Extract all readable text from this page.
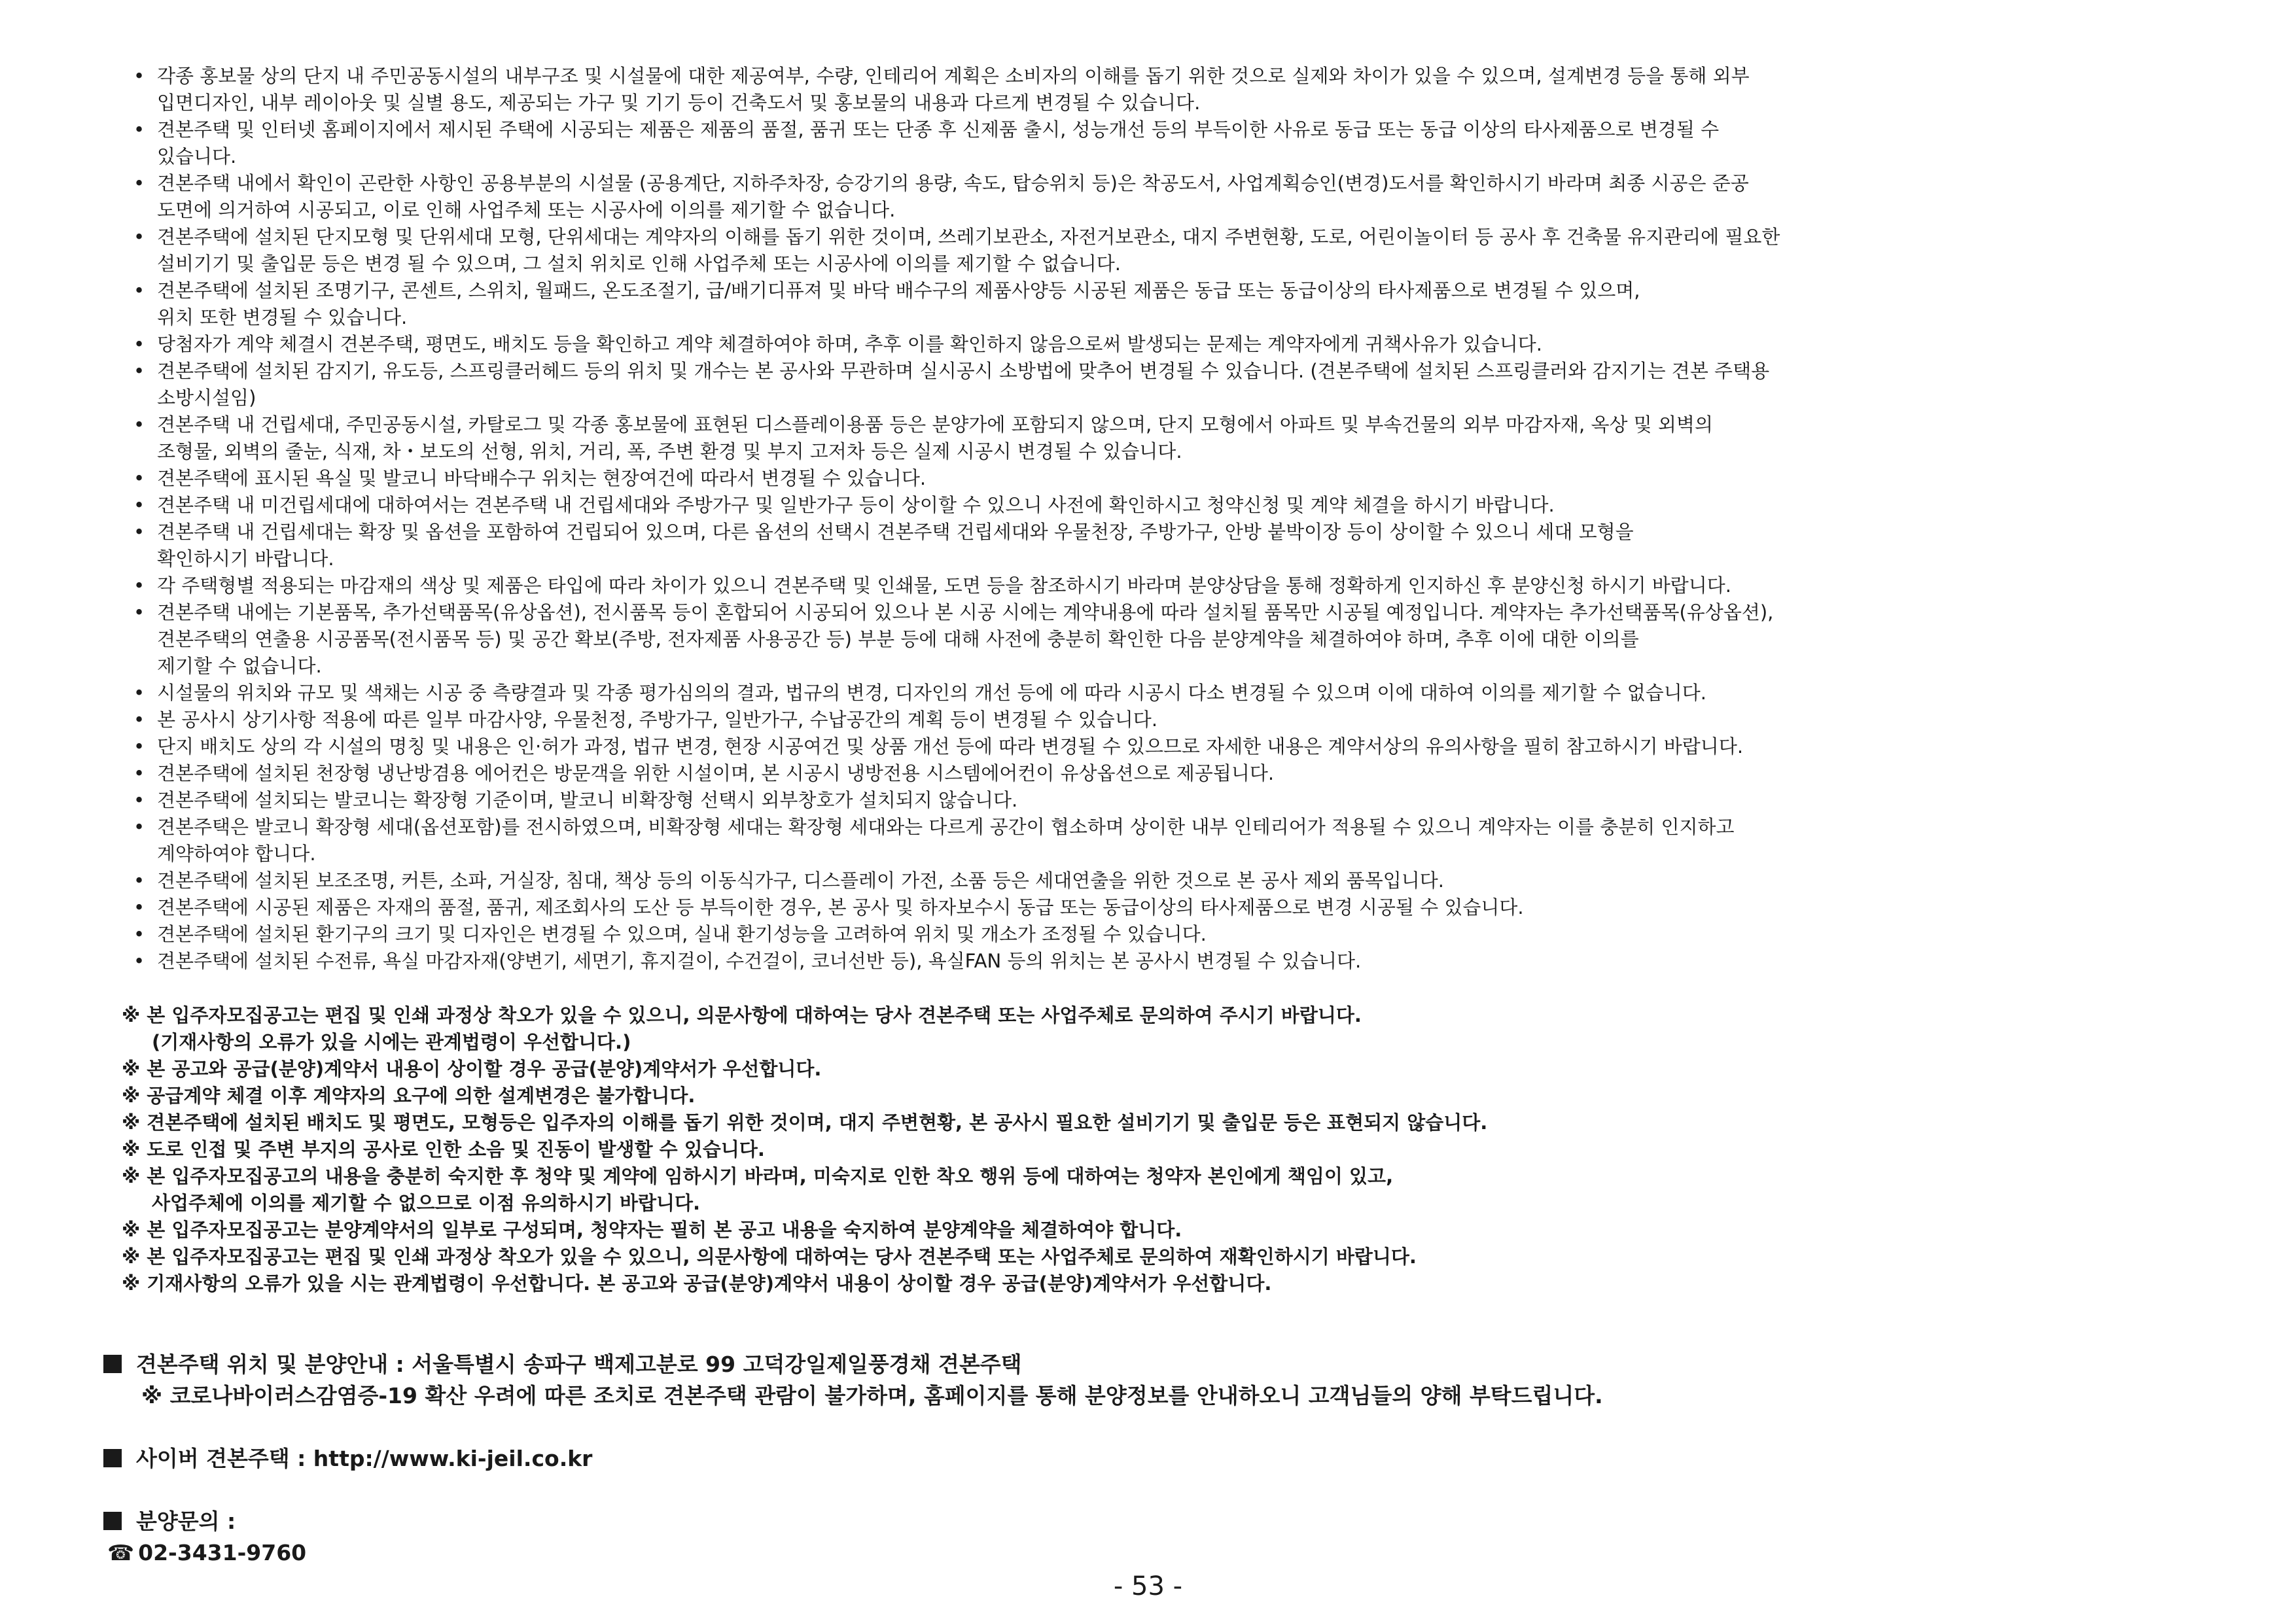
• 각종 홍보물 상의 단지 내 주민공동시설의 내부구조 및 시설물에 대한 제공여부, 수량, 인테리어 계획은 소비자의 이해를 돕기 위한 것으로 실제와 차이가 있을 수 있으며, 설계변경 등을 통해 외부
입면디자인, 내부 레이아웃 및 실별 용도, 제공되는 가구 및 기기 등이 건축도서 및 홍보물의 내용과 다르게 변경될 수 있습니다.
• 견본주택 및 인터넷 홈페이지에서 제시된 주택에 시공되는 제품은 제품의 품절, 품귀 또는 단종 후 신제품 출시, 성능개선 등의 부득이한 사유로 동급 또는 동급 이상의 타사제품으로 변경될 수
있습니다.
• 견본주택 내에서 확인이 곤란한 사항인 공용부분의 시설물 (공용계단, 지하주차장, 승강기의 용량, 속도, 탑승위치 등)은 착공도서, 사업계획승인(변경)도서를 확인하시기 바라며 최종 시공은 준공
도면에 의거하여 시공되고, 이로 인해 사업주체 또는 시공사에 이의를 제기할 수 없습니다.
• 견본주택에 설치된 단지모형 및 단위세대 모형, 단위세대는 계약자의 이해를 돕기 위한 것이며, 쓰레기보관소, 자전거보관소, 대지 주변현황, 도로, 어린이놀이터 등 공사 후 건축물 유지관리에 필요한
설비기기 및 출입문 등은 변경 될 수 있으며, 그 설치 위치로 인해 사업주체 또는 시공사에 이의를 제기할 수 없습니다.
• 견본주택에 설치된 조명기구, 콘센트, 스위치, 월패드, 온도조절기, 급/배기디퓨져 및 바닥 배수구의 제품사양등 시공된 제품은 동급 또는 동급이상의 타사제품으로 변경될 수 있으며,
위치 또한 변경될 수 있습니다.
• 당첨자가 계약 체결시 견본주택, 평면도, 배치도 등을 확인하고 계약 체결하여야 하며, 추후 이를 확인하지 않음으로써 발생되는 문제는 계약자에게 귀책사유가 있습니다.
• 견본주택에 설치된 감지기, 유도등, 스프링클러헤드 등의 위치 및 개수는 본 공사와 무관하며 실시공시 소방법에 맞추어 변경될 수 있습니다. (견본주택에 설치된 스프링클러와 감지기는 견본 주택용
소방시설임)
• 견본주택 내 건립세대, 주민공동시설, 카탈로그 및 각종 홍보물에 표현된 디스플레이용품 등은 분양가에 포함되지 않으며, 단지 모형에서 아파트 및 부속건물의 외부 마감자재, 옥상 및 외벽의
조형물, 외벽의 줄눈, 식재, 차・보도의 선형, 위치, 거리, 폭, 주변 환경 및 부지 고저차 등은 실제 시공시 변경될 수 있습니다.
• 견본주택에 표시된 욕실 및 발코니 바닥배수구 위치는 현장여건에 따라서 변경될 수 있습니다.
• 견본주택 내 미건립세대에 대하여서는 견본주택 내 건립세대와 주방가구 및 일반가구 등이 상이할 수 있으니 사전에 확인하시고 청약신청 및 계약 체결을 하시기 바랍니다.
• 견본주택 내 건립세대는 확장 및 옵션을 포함하여 건립되어 있으며, 다른 옵션의 선택시 견본주택 건립세대와 우물천장, 주방가구, 안방 붙박이장 등이 상이할 수 있으니 세대 모형을
확인하시기 바랍니다.
• 각 주택형별 적용되는 마감재의 색상 및 제품은 타입에 따라 차이가 있으니 견본주택 및 인쇄물, 도면 등을 참조하시기 바라며 분양상담을 통해 정확하게 인지하신 후 분양신청 하시기 바랍니다.
• 견본주택 내에는 기본품목, 추가선택품목(유상옵션), 전시품목 등이 혼합되어 시공되어 있으나 본 시공 시에는 계약내용에 따라 설치될 품목만 시공될 예정입니다. 계약자는 추가선택품목(유상옵션),
견본주택의 연출용 시공품목(전시품목 등) 및 공간 확보(주방, 전자제품 사용공간 등) 부분 등에 대해 사전에 충분히 확인한 다음 분양계약을 체결하여야 하며, 추후 이에 대한 이의를
제기할 수 없습니다.
• 시설물의 위치와 규모 및 색채는 시공 중 측량결과 및 각종 평가심의의 결과, 법규의 변경, 디자인의 개선 등에 에 따라 시공시 다소 변경될 수 있으며 이에 대하여 이의를 제기할 수 없습니다.
• 본 공사시 상기사항 적용에 따른 일부 마감사양, 우물천정, 주방가구, 일반가구, 수납공간의 계획 등이 변경될 수 있습니다.
• 단지 배치도 상의 각 시설의 명칭 및 내용은 인·허가 과정, 법규 변경, 현장 시공여건 및 상품 개선 등에 따라 변경될 수 있으므로 자세한 내용은 계약서상의 유의사항을 필히 참고하시기 바랍니다.
• 견본주택에 설치된 천장형 냉난방겸용 에어컨은 방문객을 위한 시설이며, 본 시공시 냉방전용 시스템에어컨이 유상옵션으로 제공됩니다.
• 견본주택에 설치되는 발코니는 확장형 기준이며, 발코니 비확장형 선택시 외부창호가 설치되지 않습니다.
• 견본주택은 발코니 확장형 세대(옵션포함)를 전시하였으며, 비확장형 세대는 확장형 세대와는 다르게 공간이 협소하며 상이한 내부 인테리어가 적용될 수 있으니 계약자는 이를 충분히 인지하고
계약하여야 합니다.
• 견본주택에 설치된 보조조명, 커튼, 소파, 거실장, 침대, 책상 등의 이동식가구, 디스플레이 가전, 소품 등은 세대연출을 위한 것으로 본 공사 제외 품목입니다.
• 견본주택에 시공된 제품은 자재의 품절, 품귀, 제조회사의 도산 등 부득이한 경우, 본 공사 및 하자보수시 동급 또는 동급이상의 타사제품으로 변경 시공될 수 있습니다.
• 견본주택에 설치된 환기구의 크기 및 디자인은 변경될 수 있으며, 실내 환기성능을 고려하여 위치 및 개소가 조정될 수 있습니다.
• 견본주택에 설치된 수전류, 욕실 마감자재(양변기, 세면기, 휴지걸이, 수건걸이, 코너선반 등), 욕실FAN 등의 위치는 본 공사시 변경될 수 있습니다.
※ 본 입주자모집공고는 편집 및 인쇄 과정상 착오가 있을 수 있으니, 의문사항에 대하여는 당사 견본주택 또는 사업주체로 문의하여 주시기 바랍니다.
(기재사항의 오류가 있을 시에는 관계법령이 우선합니다.)
※ 본 공고와 공급(분양)계약서 내용이 상이할 경우 공급(분양)계약서가 우선합니다.
※ 공급계약 체결 이후 계약자의 요구에 의한 설계변경은 불가합니다.
※ 견본주택에 설치된 배치도 및 평면도, 모형등은 입주자의 이해를 돕기 위한 것이며, 대지 주변현황, 본 공사시 필요한 설비기기 및 출입문 등은 표현되지 않습니다.
※ 도로 인접 및 주변 부지의 공사로 인한 소음 및 진동이 발생할 수 있습니다.
※ 본 입주자모집공고의 내용을 충분히 숙지한 후 청약 및 계약에 임하시기 바라며, 미숙지로 인한 착오 행위 등에 대하여는 청약자 본인에게 책임이 있고,
사업주체에 이의를 제기할 수 없으므로 이점 유의하시기 바랍니다.
※ 본 입주자모집공고는 분양계약서의 일부로 구성되며, 청약자는 필히 본 공고 내용을 숙지하여 분양계약을 체결하여야 합니다.
※ 본 입주자모집공고는 편집 및 인쇄 과정상 착오가 있을 수 있으니, 의문사항에 대하여는 당사 견본주택 또는 사업주체로 문의하여 재확인하시기 바랍니다.
※ 기재사항의 오류가 있을 시는 관계법령이 우선합니다. 본 공고와 공급(분양)계약서 내용이 상이할 경우 공급(분양)계약서가 우선합니다.

견본주택 위치 및 분양안내 : 서울특별시 송파구 백제고분로 99 고덕강일제일풍경채 견본주택

※ 코로나바이러스감염증-19 확산 우려에 따른 조치로 견본주택 관람이 불가하며, 홈페이지를 통해 분양정보를 안내하오니 고객님들의 양해 부탁드립니다.

사이버 견본주택 : http://www.ki-jeil.co.kr

분양문의 :
☎ 02-3431-9760

- 53 -
